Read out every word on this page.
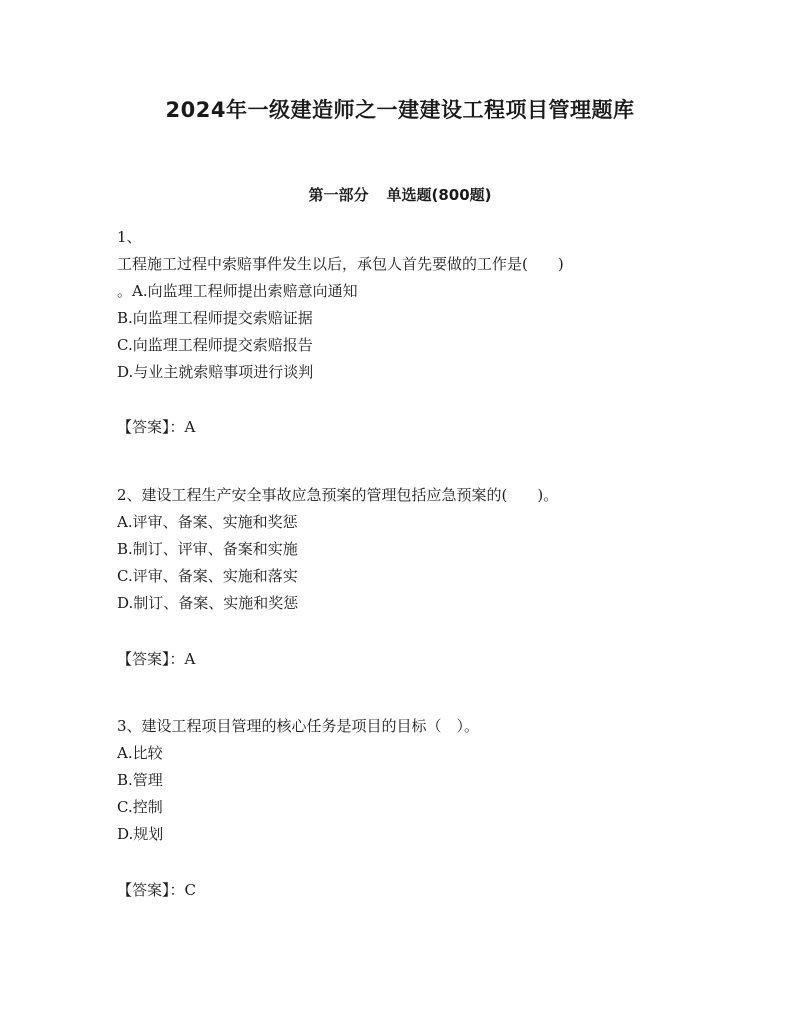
2024年一级建造师之一建建设工程项目管理题库
第一部分 单选题(800题)
1、
工程施工过程中索赔事件发生以后，承包人首先要做的工作是(　　)
。A.向监理工程师提出索赔意向通知
B.向监理工程师提交索赔证据
C.向监理工程师提交索赔报告
D.与业主就索赔事项进行谈判
【答案】：A
2、建设工程生产安全事故应急预案的管理包括应急预案的(　　)。
A.评审、备案、实施和奖惩
B.制订、评审、备案和实施
C.评审、备案、实施和落实
D.制订、备案、实施和奖惩
【答案】：A
3、建设工程项目管理的核心任务是项目的目标（　）。
A.比较
B.管理
C.控制
D.规划
【答案】：C
